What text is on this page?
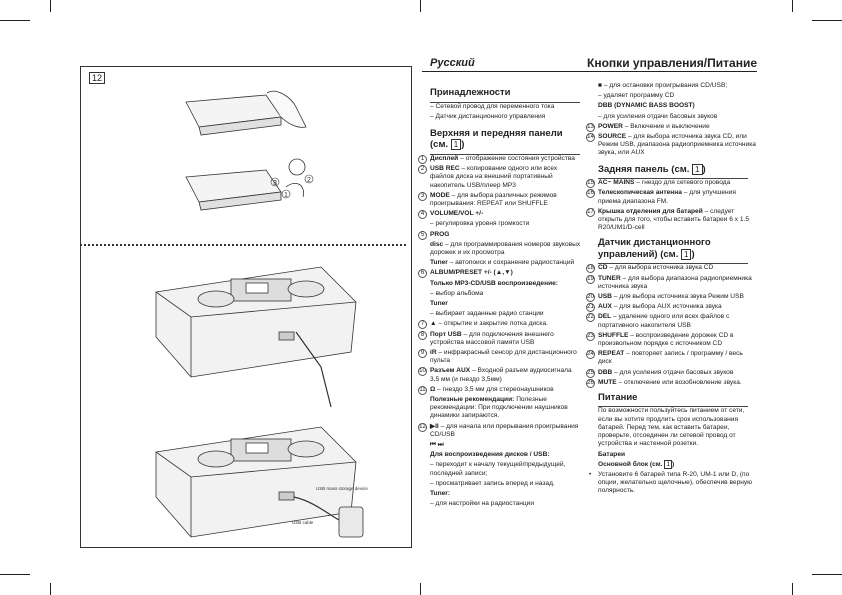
12
2
3
1
USB mass storage device
USB cable
Русский	Кнопки управления/Питание
Принадлежности
– Сетевой провод для переменного тока
– Датчик дистанционного управления
Верхняя и передняя панели (см. 1 )
1 Дисплей – отображение состояния устройства
2 USB REC – копирование одного или всех файлов диска на внешний портативный накопитель USB/плеер MP3
3 MODE – для выбора различных режимов проигрывания: REPEAT или SHUFFLE
4 VOLUME/VOL +/-
– регулировка уровня громкости
5 PROG
disc – для программирования номеров звуковых дорожек и их просмотра
Tuner – автопоиск и сохранение радиостанций
6 ALBUM/PRESET +/- (▲,▼)
Только MP3-CD/USB воспроизведение:
– выбор альбома
Tuner
– выбирает заданные радио станции
7 ▲ – открытие и закрытие лотка диска.
8 Порт USB – для подключения внешнего устройства массовой памяти USB
9 iR – инфракрасный сенсор для дистанционного пульта
10 Разъем AUX – Входной разъем аудиосигнала 3,5 мм (и гнездо 3,5мм)
11 Ω – гнездо 3,5 мм для стереонаушников
Полезные рекомендации: Полезные рекомендации: При подключении наушников динамики запираются.
12 ▶II – для начала или прерывания проигрывания CD/USB
⏮ ⏭
Для воспроизведения дисков / USB:
– переходит к началу текущей/предыдущей, последней записи;
– просматривает запись вперед и назад.
Tuner:
– для настройки на радиостанции
■ – для остановки проигрывания CD/USB;
– удаляет программу CD
DBB (DYNAMIC BASS BOOST)
– для усиления отдачи басовых звуков
13 POWER – Включение и выключение
14 SOURCE – для выбора источника звука CD, или Режим USB, диапазона радиоприемника источника звука, или AUX
Задняя панель (см. 1 )
15 AC~ MAINS – гнездо для сетевого провода
16 Телескопическая антенна – для улучшения приема диапазона FM.
17 Крышка отделения для батарей – следует открыть для того, чтобы вставить батареи 6 x 1.5 R20/UM1/D-cell
Датчик дистанционного управлений) (см. 1 )
18 CD – для выбора источника звука CD
19 TUNER – для выбора диапазона радиоприемника источника звука
20 USB – для выбора источника звука Режим USB
21 AUX – для выбора AUX источника звука
22 DEL – удаление одного или всех файлов с портативного накопителя USB
23 SHUFFLE – воспроизведение дорожек CD в произвольном порядке с источником CD
24 REPEAT – повторяет запись / программу / весь диск
25 DBB – для усиления отдачи басовых звуков
26 MUTE – отключение или возобновление звука.
Питание
По возможности пользуйтесь питанием от сети, если вы хотите продлить срок использования батарей. Перед тем, как вставить батареи, проверьте, отсоединен ли сетевой провод от устройства и настенной розетки.
Батареи
Основной блок (см. 1 )
• Установите 6 батарей типа R-20, UM-1 или D, (по опции, желательно щелочные), обеспечив верную полярность.
